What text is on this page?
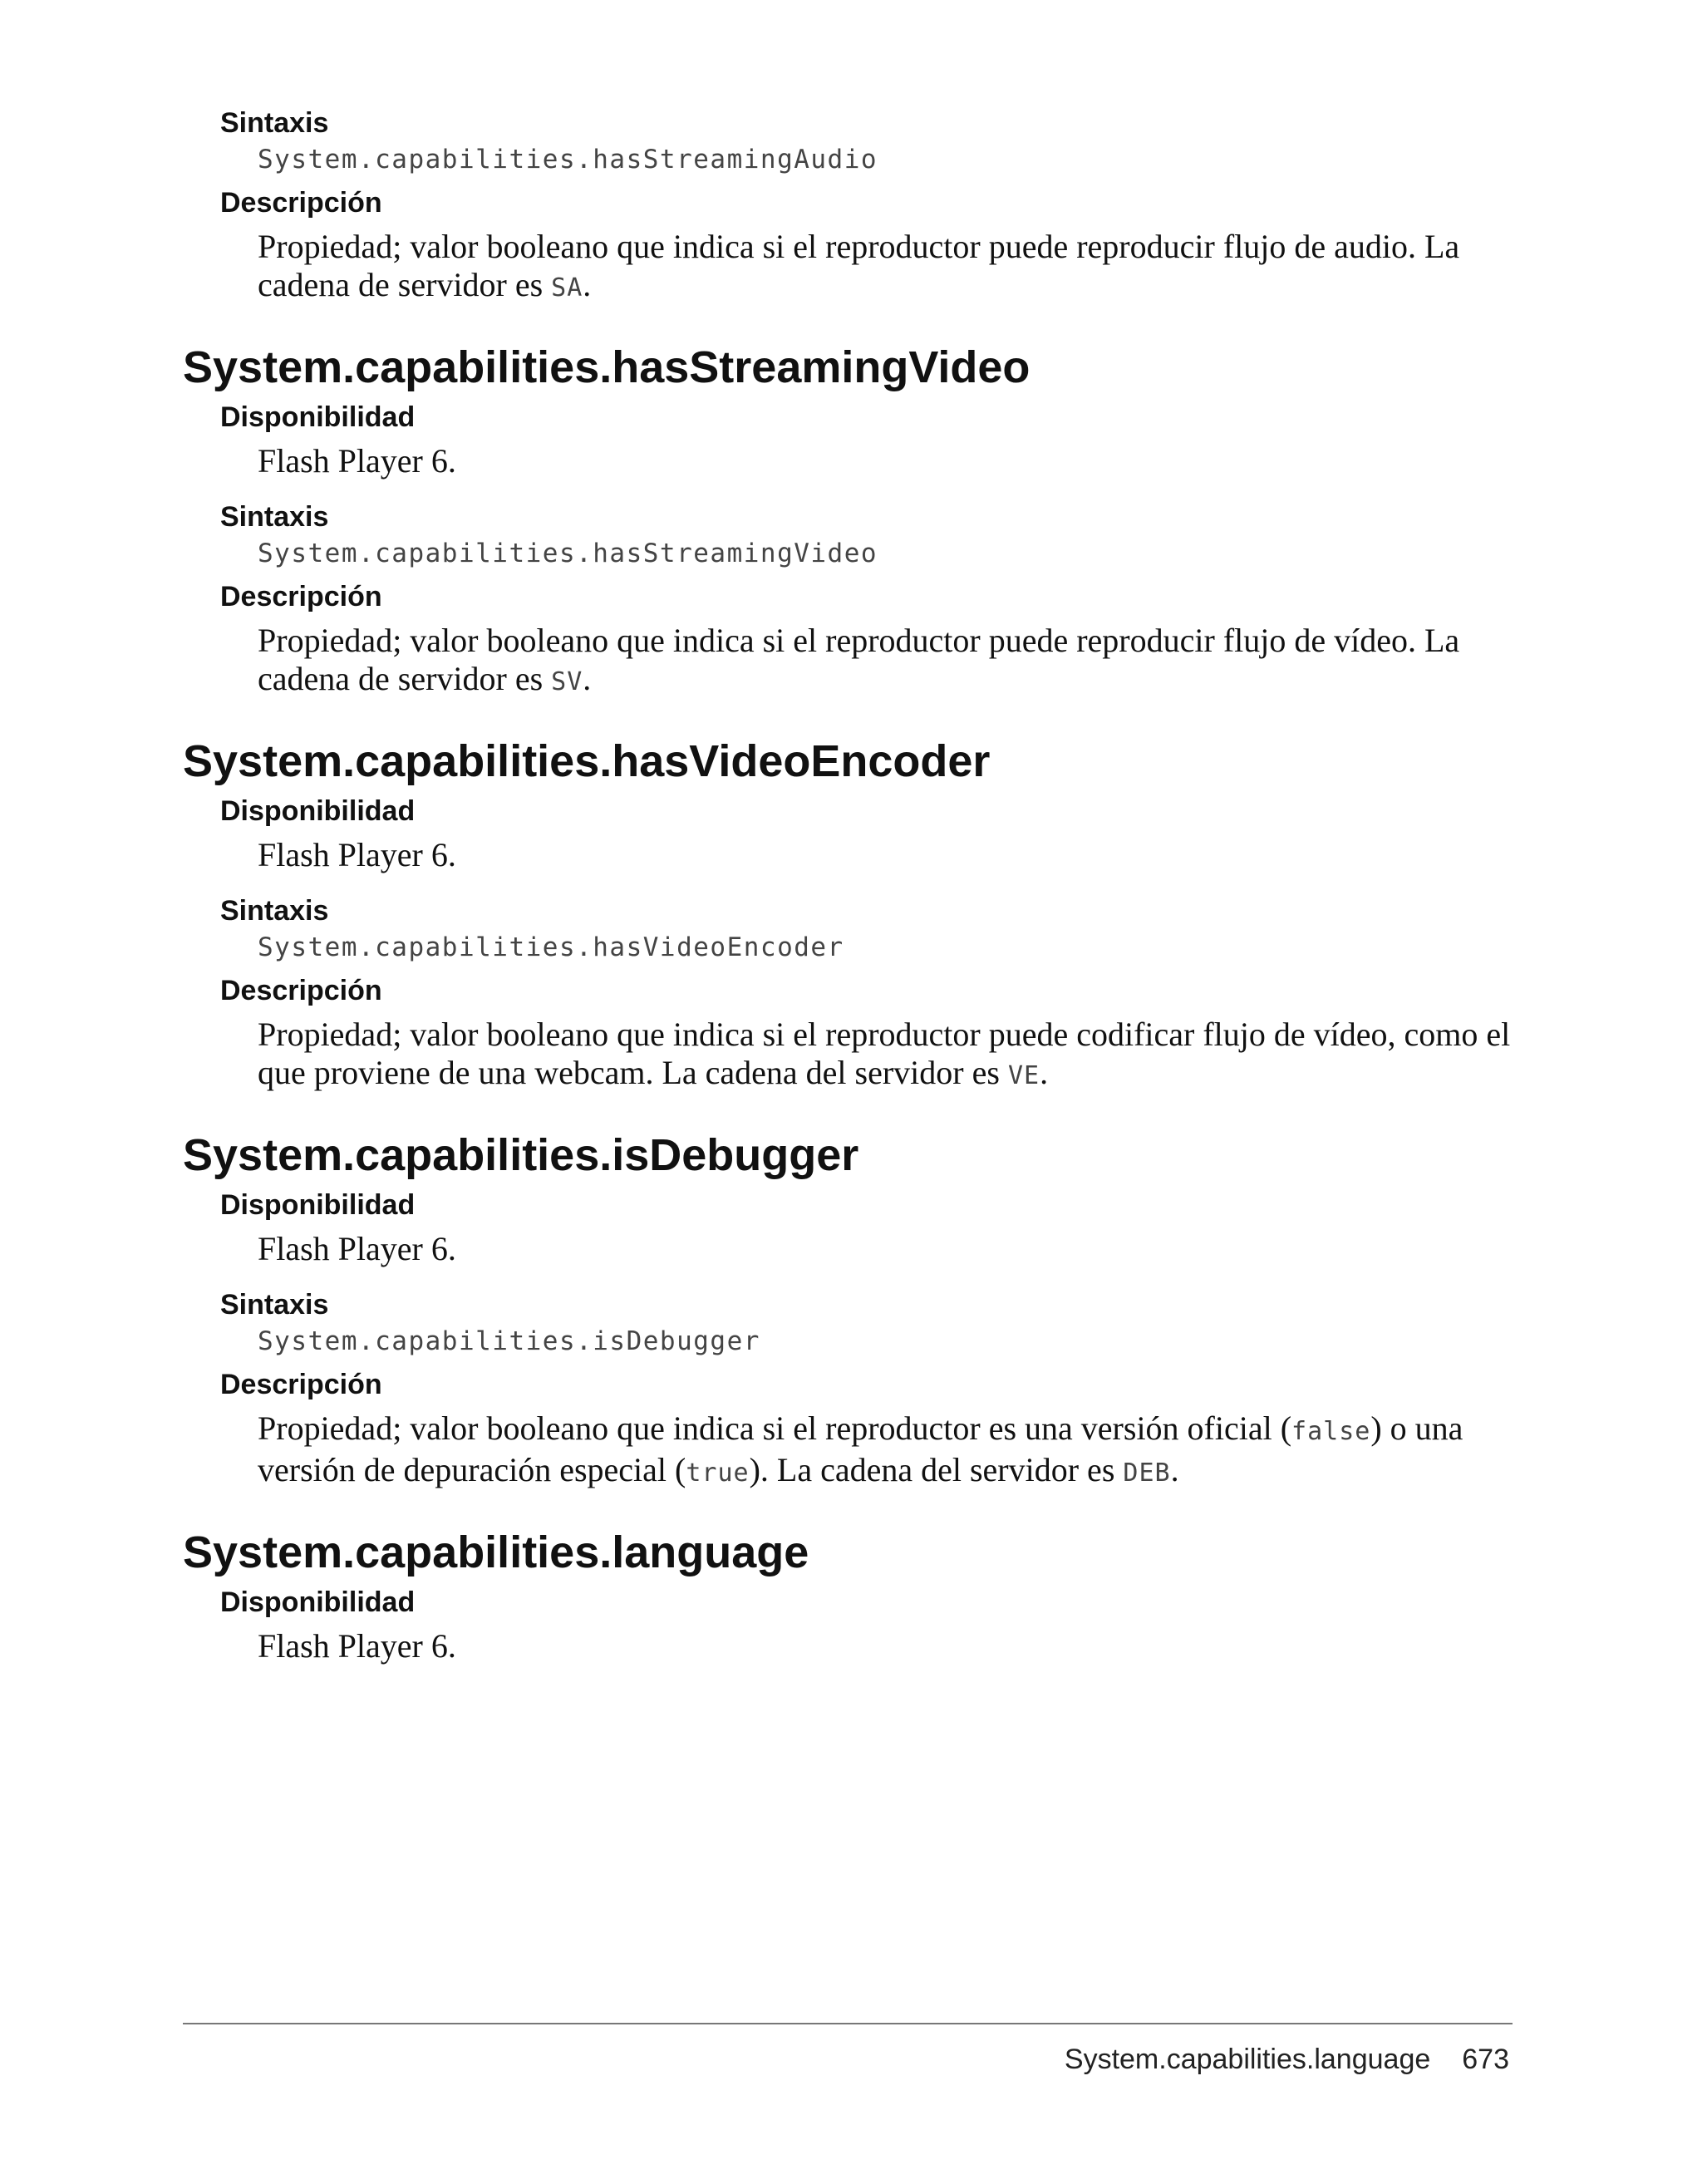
Sintaxis
System.capabilities.hasStreamingAudio
Descripción
Propiedad; valor booleano que indica si el reproductor puede reproducir flujo de audio. La cadena de servidor es SA.
System.capabilities.hasStreamingVideo
Disponibilidad
Flash Player 6.
Sintaxis
System.capabilities.hasStreamingVideo
Descripción
Propiedad; valor booleano que indica si el reproductor puede reproducir flujo de vídeo. La cadena de servidor es SV.
System.capabilities.hasVideoEncoder
Disponibilidad
Flash Player 6.
Sintaxis
System.capabilities.hasVideoEncoder
Descripción
Propiedad; valor booleano que indica si el reproductor puede codificar flujo de vídeo, como el que proviene de una webcam. La cadena del servidor es VE.
System.capabilities.isDebugger
Disponibilidad
Flash Player 6.
Sintaxis
System.capabilities.isDebugger
Descripción
Propiedad; valor booleano que indica si el reproductor es una versión oficial (false) o una versión de depuración especial (true). La cadena del servidor es DEB.
System.capabilities.language
Disponibilidad
Flash Player 6.
System.capabilities.language 673
